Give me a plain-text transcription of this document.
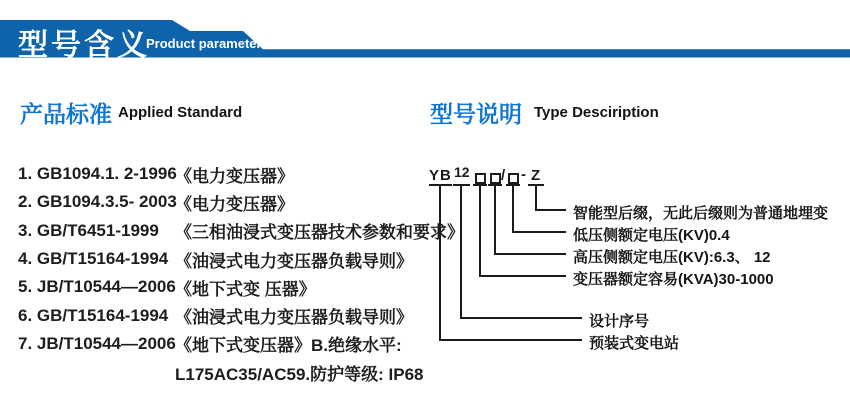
型号含义
Product parameters
产品标准 Applied Standard	型号说明 Type Desciription
1. GB1094.1. 2-1996
《电力变压器》
2. GB1094.3.5- 2003
《电力变压器》
3. GB/T6451-1999 《三相油浸式变压器技术参数和要求》
4. GB/T15164-1994 《油浸式电力变压器负载导则》
5. JB/T10544—2006 《地下式变 压器》
6. GB/T15164-1994 《油浸式电力变压器负载导则》
7. JB/T10544—2006 《地下式变压器》B.绝缘水平:
L175AC35/AC59.防护等级: IP68
YB 12 / - Z
智能型后缀，无此后缀则为普通地埋变
低压侧额定电压(KV)0.4
高压侧额定电压(KV):6.3、 12
变压器额定容易(KVA)30-1000
设计序号
预装式变电站
